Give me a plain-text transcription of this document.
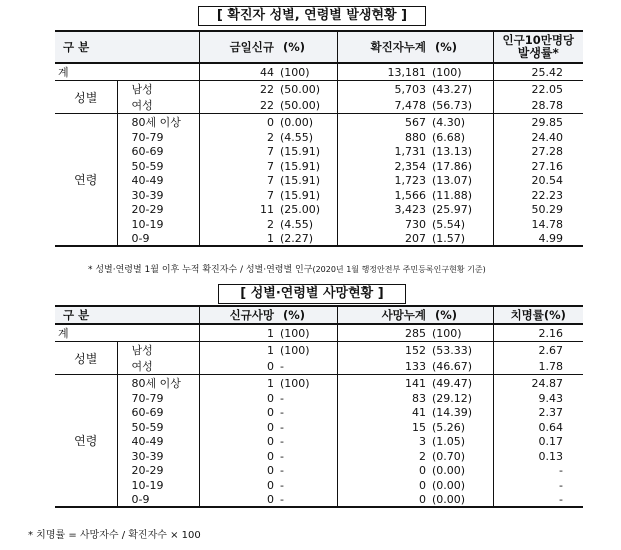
[ 확진자 성별, 연령별 발생현황 ]
구 분		금일신규	(%)	확진자누계	(%)	인구10만명당
발생률*
계		44	(100)	13,181	(100)	25.42
성별	남성	22	(50.00)	5,703	(43.27)	22.05
	여성	22	(50.00)	7,478	(56.73)	28.78
연령	80세 이상	0	(0.00)	567	(4.30)	29.85
	70-79	2	(4.55)	880	(6.68)	24.40
	60-69	7	(15.91)	1,731	(13.13)	27.28
	50-59	7	(15.91)	2,354	(17.86)	27.16
	40-49	7	(15.91)	1,723	(13.07)	20.54
	30-39	7	(15.91)	1,566	(11.88)	22.23
	20-29	11	(25.00)	3,423	(25.97)	50.29
	10-19	2	(4.55)	730	(5.54)	14.78
	0-9	1	(2.27)	207	(1.57)	4.99
* 성별·연령별 1월 이후 누적 확진자수 / 성별·연령별 인구(2020년 1월 행정안전부 주민등록인구현황 기준)
[ 성별·연령별 사망현황 ]
구 분		신규사망	(%)	사망누계	(%)	치명률(%)
계		1	(100)	285	(100)	2.16
성별	남성	1	(100)	152	(53.33)	2.67
	여성	0	-	133	(46.67)	1.78
연령	80세 이상	1	(100)	141	(49.47)	24.87
	70-79	0	-	83	(29.12)	9.43
	60-69	0	-	41	(14.39)	2.37
	50-59	0	-	15	(5.26)	0.64
	40-49	0	-	3	(1.05)	0.17
	30-39	0	-	2	(0.70)	0.13
	20-29	0	-	0	(0.00)	-
	10-19	0	-	0	(0.00)	-
	0-9	0	-	0	(0.00)	-
* 치명률 = 사망자수 / 확진자수 × 100
